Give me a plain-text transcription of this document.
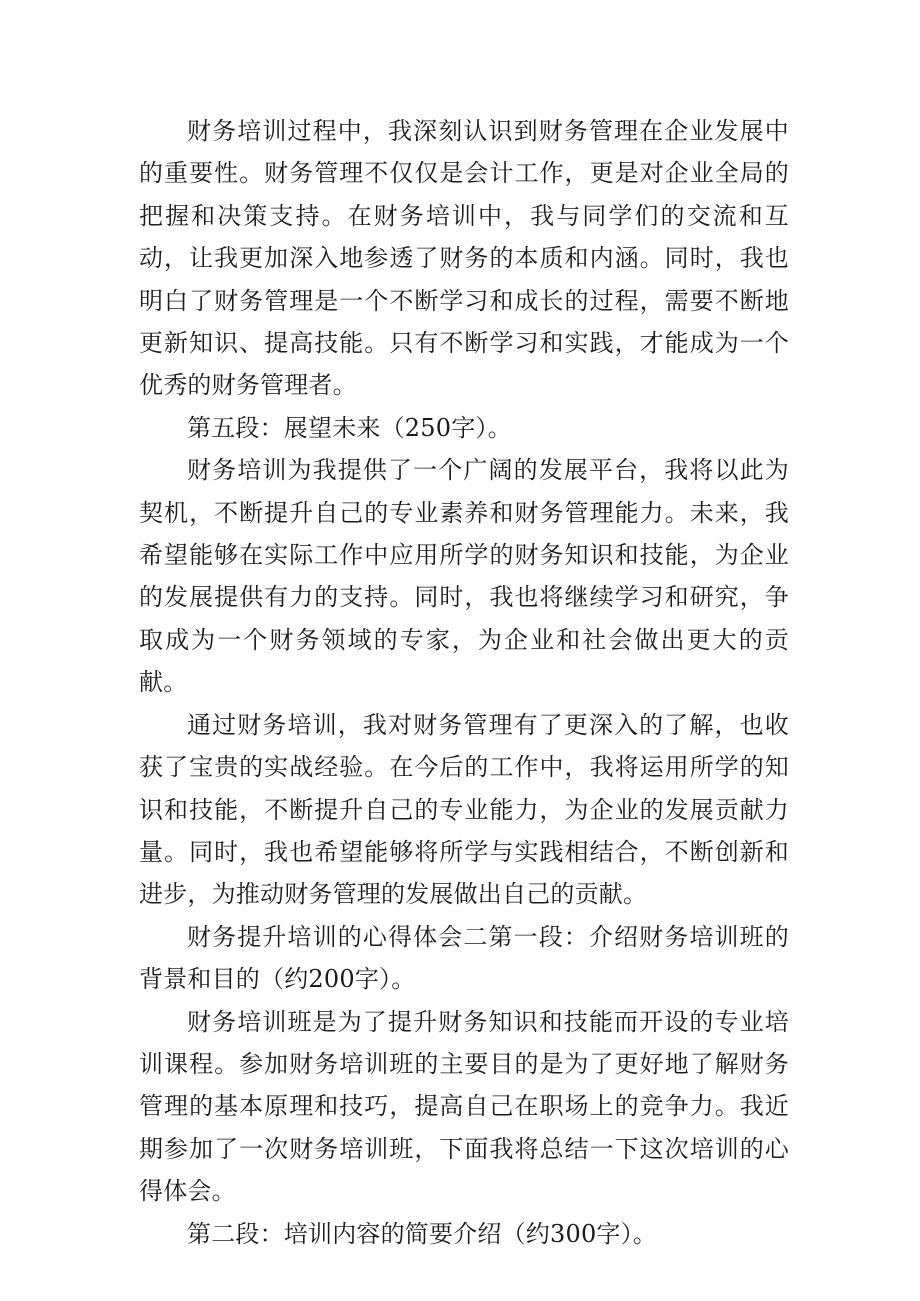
财务培训过程中，我深刻认识到财务管理在企业发展中的重要性。财务管理不仅仅是会计工作，更是对企业全局的把握和决策支持。在财务培训中，我与同学们的交流和互动，让我更加深入地参透了财务的本质和内涵。同时，我也明白了财务管理是一个不断学习和成长的过程，需要不断地更新知识、提高技能。只有不断学习和实践，才能成为一个优秀的财务管理者。

第五段：展望未来（250字）。

财务培训为我提供了一个广阔的发展平台，我将以此为契机，不断提升自己的专业素养和财务管理能力。未来，我希望能够在实际工作中应用所学的财务知识和技能，为企业的发展提供有力的支持。同时，我也将继续学习和研究，争取成为一个财务领域的专家，为企业和社会做出更大的贡献。

通过财务培训，我对财务管理有了更深入的了解，也收获了宝贵的实战经验。在今后的工作中，我将运用所学的知识和技能，不断提升自己的专业能力，为企业的发展贡献力量。同时，我也希望能够将所学与实践相结合，不断创新和进步，为推动财务管理的发展做出自己的贡献。

财务提升培训的心得体会二第一段：介绍财务培训班的背景和目的（约200字）。

财务培训班是为了提升财务知识和技能而开设的专业培训课程。参加财务培训班的主要目的是为了更好地了解财务管理的基本原理和技巧，提高自己在职场上的竞争力。我近期参加了一次财务培训班，下面我将总结一下这次培训的心得体会。

第二段：培训内容的简要介绍（约300字）。
